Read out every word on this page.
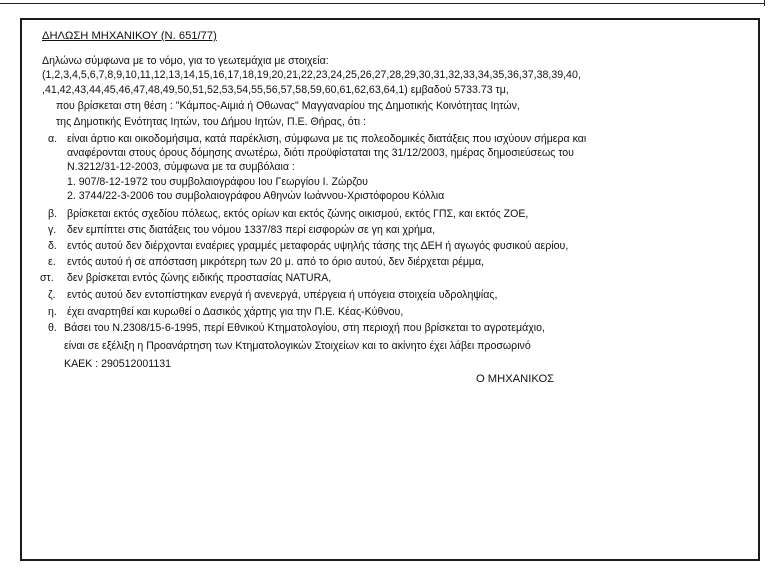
ΔΗΛΩΣΗ ΜΗΧΑΝΙΚΟΥ (Ν. 651/77)
Δηλώνω σύμφωνα με το νόμο, για το γεωτεμάχια με στοιχεία:
(1,2,3,4,5,6,7,8,9,10,11,12,13,14,15,16,17,18,19,20,21,22,23,24,25,26,27,28,29,30,31,32,33,34,35,36,37,38,39,40,
,41,42,43,44,45,46,47,48,49,50,51,52,53,54,55,56,57,58,59,60,61,62,63,64,1) εμβαδού 5733.73 τμ,
που βρίσκεται στη θέση : "Κάμπος-Αιμιά ή Οθωνας" Μαγγαναρίου της Δημοτικής Κοινότητας Ιητών,
της Δημοτικής Ενότητας Ιητών, του Δήμου Ιητών, Π.Ε. Θήρας, ότι :
α. είναι άρτιο και οικοδομήσιμα, κατά παρέκλιση, σύμφωνα με τις πολεοδομικές διατάξεις που ισχύουν σήμερα και
αναφέρονται στους όρους δόμησης ανωτέρω, διότι προϋφίσταται της 31/12/2003, ημέρας δημοσιεύσεως του
Ν.3212/31-12-2003, σύμφωνα με τα συμβόλαια :
1. 907/8-12-1972 του συμβολαιογράφου Ιου Γεωργίου Ι. Ζώρζου
2. 3744/22-3-2006 του συμβολαιογράφου Αθηνών Ιωάννου-Χριστόφορου Κόλλια
β. βρίσκεται εκτός σχεδίου πόλεως, εκτός ορίων και εκτός ζώνης οικισμού, εκτός ΓΠΣ, και εκτός ΖΟΕ,
γ. δεν εμπίπτει στις διατάξεις του νόμου 1337/83 περί εισφορών σε γη και χρήμα,
δ. εντός αυτού δεν διέρχονται εναέριες γραμμές μεταφοράς υψηλής τάσης της ΔΕΗ ή αγωγός φυσικού αερίου,
ε. εντός αυτού ή σε απόσταση μικρότερη των 20 μ. από το όριο αυτού, δεν διέρχεται ρέμμα,
στ. δεν βρίσκεται εντός ζώνης ειδικής προστασίας NATURA,
ζ. εντός αυτού δεν εντοπίστηκαν ενεργά ή ανενεργά, υπέργεια ή υπόγεια στοιχεία υδροληψίας,
η. έχει αναρτηθεί και κυρωθεί ο Δασικός χάρτης για την Π.Ε. Κέας-Κύθνου,
θ. Βάσει του Ν.2308/15-6-1995, περί Εθνικού Κτηματολογίου, στη περιοχή που βρίσκεται το αγροτεμάχιο,
είναι σε εξέλιξη η Προανάρτηση των Κτηματολογικών Στοιχείων και το ακίνητο έχει λάβει προσωρινό
ΚΑΕΚ : 290512001131
Ο ΜΗΧΑΝΙΚΟΣ
